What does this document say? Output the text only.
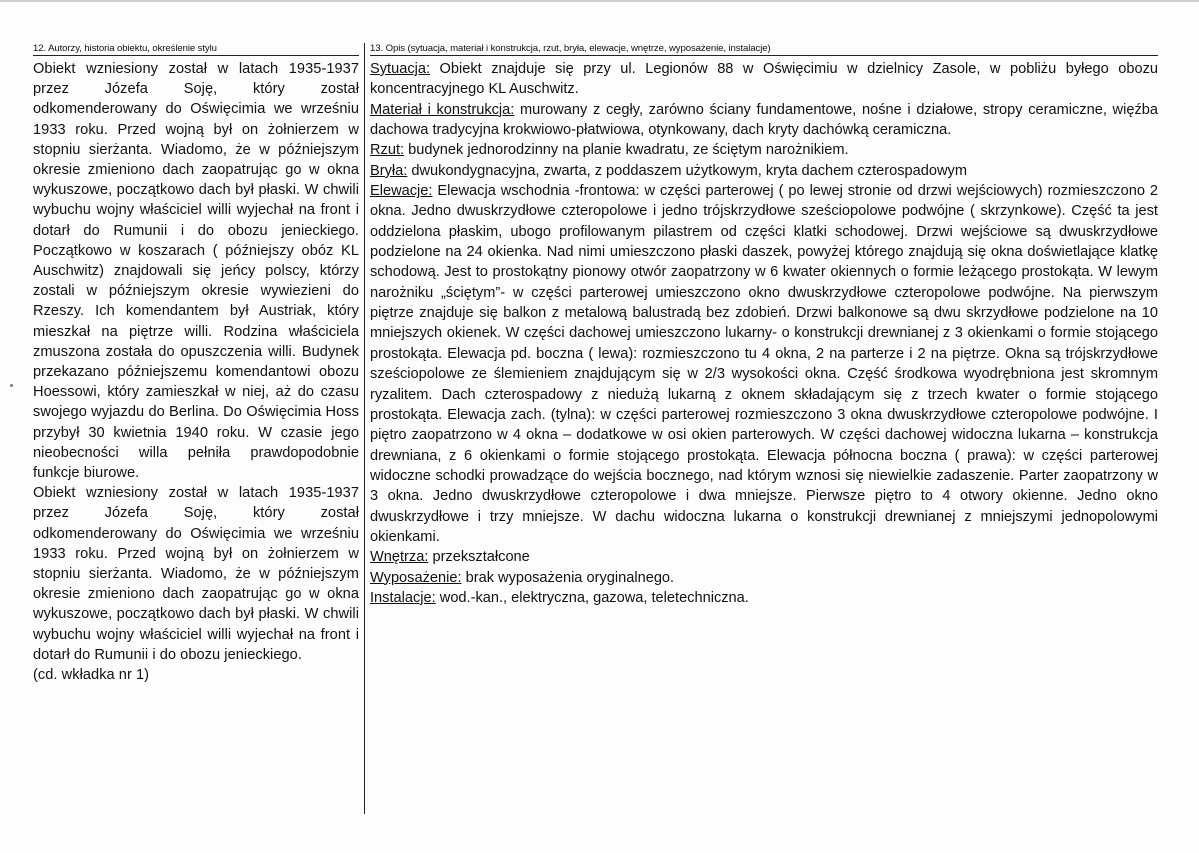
12. Autorzy, historia obiektu, określenie stylu

Obiekt wzniesiony został w latach 1935-1937 przez Józefa Soję, który został odkomenderowany do Oświęcimia we wrześniu 1933 roku. Przed wojną był on żołnierzem w stopniu sierżanta. Wiadomo, że w późniejszym okresie zmieniono dach zaopatrując go w okna wykuszowe, początkowo dach był płaski. W chwili wybuchu wojny właściciel willi wyjechał na front i dotarł do Rumunii i do obozu jenieckiego. Początkowo w koszarach ( późniejszy obóz KL Auschwitz) znajdowali się jeńcy polscy, którzy zostali w późniejszym okresie wywiezieni do Rzeszy. Ich komendantem był Austriak, który mieszkał na piętrze willi. Rodzina właściciela zmuszona została do opuszczenia willi. Budynek przekazano późniejszemu komendantowi obozu Hoessowi, który zamieszkał w niej, aż do czasu swojego wyjazdu do Berlina. Do Oświęcimia Hoss przybył 30 kwietnia 1940 roku. W czasie jego nieobecności willa pełniła prawdopodobnie funkcje biurowe.

Obiekt wzniesiony został w latach 1935-1937 przez Józefa Soję, który został odkomenderowany do Oświęcimia we wrześniu 1933 roku. Przed wojną był on żołnierzem w stopniu sierżanta. Wiadomo, że w późniejszym okresie zmieniono dach zaopatrując go w okna wykuszowe, początkowo dach był płaski. W chwili wybuchu wojny właściciel willi wyjechał na front i dotarł do Rumunii i do obozu jenieckiego.

(cd. wkładka nr 1)

13. Opis (sytuacja, materiał i konstrukcja, rzut, bryła, elewacje, wnętrze, wyposażenie, instalacje)

Sytuacja: Obiekt znajduje się przy ul. Legionów 88 w Oświęcimiu w dzielnicy Zasole, w pobliżu byłego obozu koncentracyjnego KL Auschwitz.

Materiał i konstrukcja: murowany z cegły, zarówno ściany fundamentowe, nośne i działowe, stropy ceramiczne, więźba dachowa tradycyjna krokwiowo-płatwiowa, otynkowany, dach kryty dachówką ceramiczna.

Rzut: budynek jednorodzinny na planie kwadratu, ze ściętym narożnikiem.

Bryła: dwukondygnacyjna, zwarta, z poddaszem użytkowym, kryta dachem czterospadowym

Elewacje: Elewacja wschodnia -frontowa: w części parterowej ( po lewej stronie od drzwi wejściowych) rozmieszczono 2 okna. Jedno dwuskrzydłowe czteropolowe i jedno trójskrzydłowe sześciopolowe podwójne ( skrzynkowe). Część ta jest oddzielona płaskim, ubogo profilowanym pilastrem od części klatki schodowej. Drzwi wejściowe są dwuskrzydłowe podzielone na 24 okienka. Nad nimi umieszczono płaski daszek, powyżej którego znajdują się okna doświetlające klatkę schodową. Jest to prostokątny pionowy otwór zaopatrzony w 6 kwater okiennych o formie leżącego prostokąta. W lewym narożniku „ściętym”- w części parterowej umieszczono okno dwuskrzydłowe czteropolowe podwójne. Na pierwszym piętrze znajduje się balkon z metalową balustradą bez zdobień. Drzwi balkonowe są dwu skrzydłowe podzielone na 10 mniejszych okienek. W części dachowej umieszczono lukarny- o konstrukcji drewnianej z 3 okienkami o formie stojącego prostokąta. Elewacja pd. boczna ( lewa): rozmieszczono tu 4 okna, 2 na parterze i 2 na piętrze. Okna są trójskrzydłowe sześciopolowe ze ślemieniem znajdującym się w 2/3 wysokości okna. Część środkowa wyodrębniona jest skromnym ryzalitem. Dach czterospadowy z niedużą lukarną z oknem składającym się z trzech kwater o formie stojącego prostokąta. Elewacja zach. (tylna): w części parterowej rozmieszczono 3 okna dwuskrzydłowe czteropolowe podwójne. I piętro zaopatrzono w 4 okna – dodatkowe w osi okien parterowych. W części dachowej widoczna lukarna – konstrukcja drewniana, z 6 okienkami o formie stojącego prostokąta. Elewacja północna boczna ( prawa): w części parterowej widoczne schodki prowadzące do wejścia bocznego, nad którym wznosi się niewielkie zadaszenie. Parter zaopatrzony w 3 okna. Jedno dwuskrzydłowe czteropolowe i dwa mniejsze. Pierwsze piętro to 4 otwory okienne. Jedno okno dwuskrzydłowe i trzy mniejsze. W dachu widoczna lukarna o konstrukcji drewnianej z mniejszymi jednopolowymi okienkami.

Wnętrza: przekształcone

Wyposażenie: brak wyposażenia oryginalnego.

Instalacje: wod.-kan., elektryczna, gazowa, teletechniczna.
